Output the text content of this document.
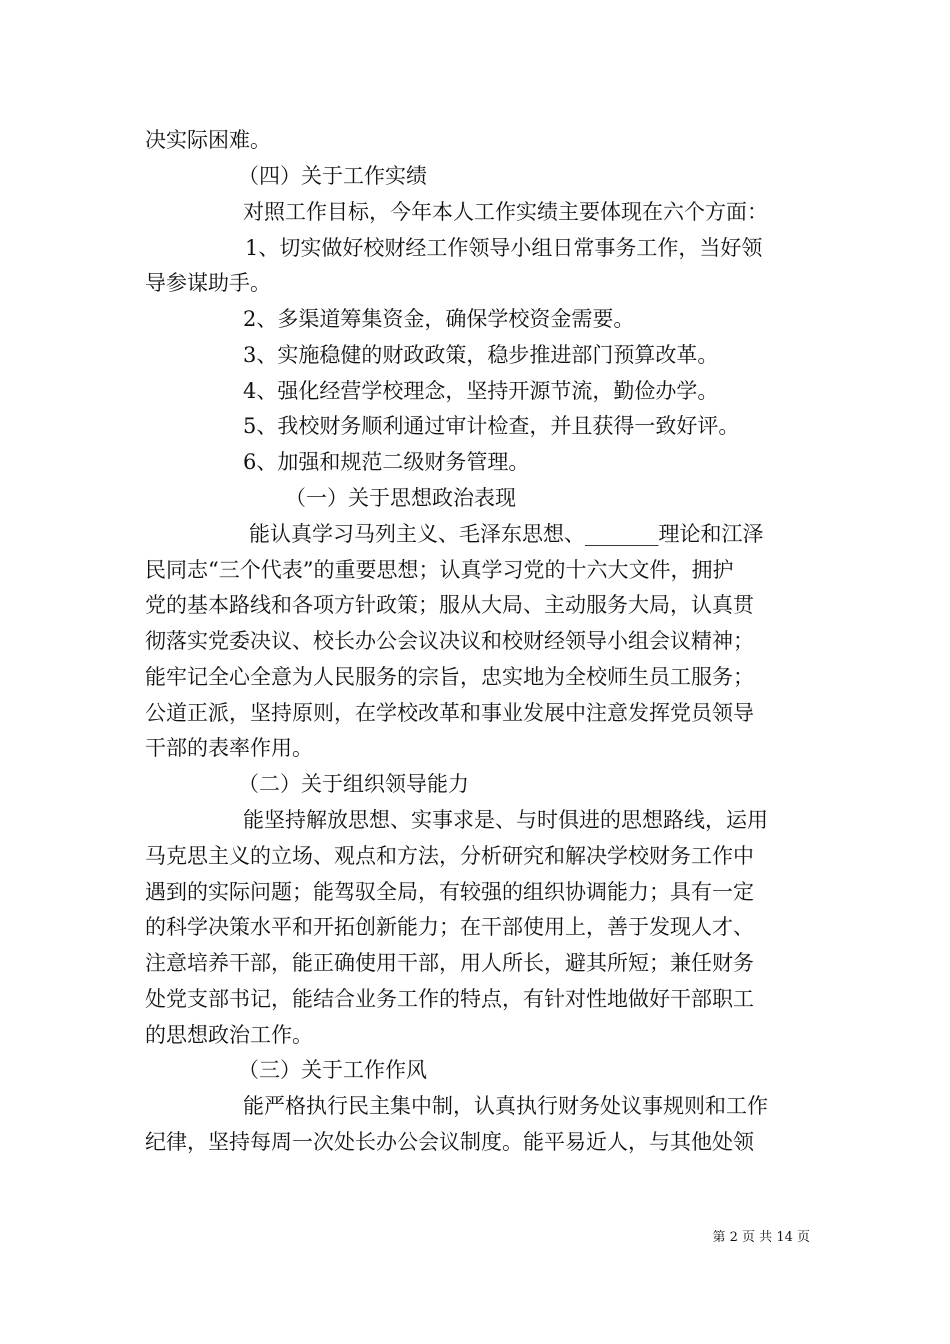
决实际困难。
（四）关于工作实绩
对照工作目标，今年本人工作实绩主要体现在六个方面：
1、切实做好校财经工作领导小组日常事务工作，当好领
导参谋助手。
2、多渠道筹集资金，确保学校资金需要。
3、实施稳健的财政政策，稳步推进部门预算改革。
4、强化经营学校理念，坚持开源节流，勤俭办学。
5、我校财务顺利通过审计检查，并且获得一致好评。
6、加强和规范二级财务管理。
（一）关于思想政治表现
能认真学习马列主义、毛泽东思想、_______理论和江泽
民同志“三个代表”的重要思想；认真学习党的十六大文件，拥护
党的基本路线和各项方针政策；服从大局、主动服务大局，认真贯
彻落实党委决议、校长办公会议决议和校财经领导小组会议精神；
能牢记全心全意为人民服务的宗旨，忠实地为全校师生员工服务；
公道正派，坚持原则，在学校改革和事业发展中注意发挥党员领导
干部的表率作用。
（二）关于组织领导能力
能坚持解放思想、实事求是、与时俱进的思想路线，运用
马克思主义的立场、观点和方法，分析研究和解决学校财务工作中
遇到的实际问题；能驾驭全局，有较强的组织协调能力；具有一定
的科学决策水平和开拓创新能力；在干部使用上，善于发现人才、
注意培养干部，能正确使用干部，用人所长，避其所短；兼任财务
处党支部书记，能结合业务工作的特点，有针对性地做好干部职工
的思想政治工作。
（三）关于工作作风
能严格执行民主集中制，认真执行财务处议事规则和工作
纪律，坚持每周一次处长办公会议制度。能平易近人，与其他处领
第 2 页 共 14 页
